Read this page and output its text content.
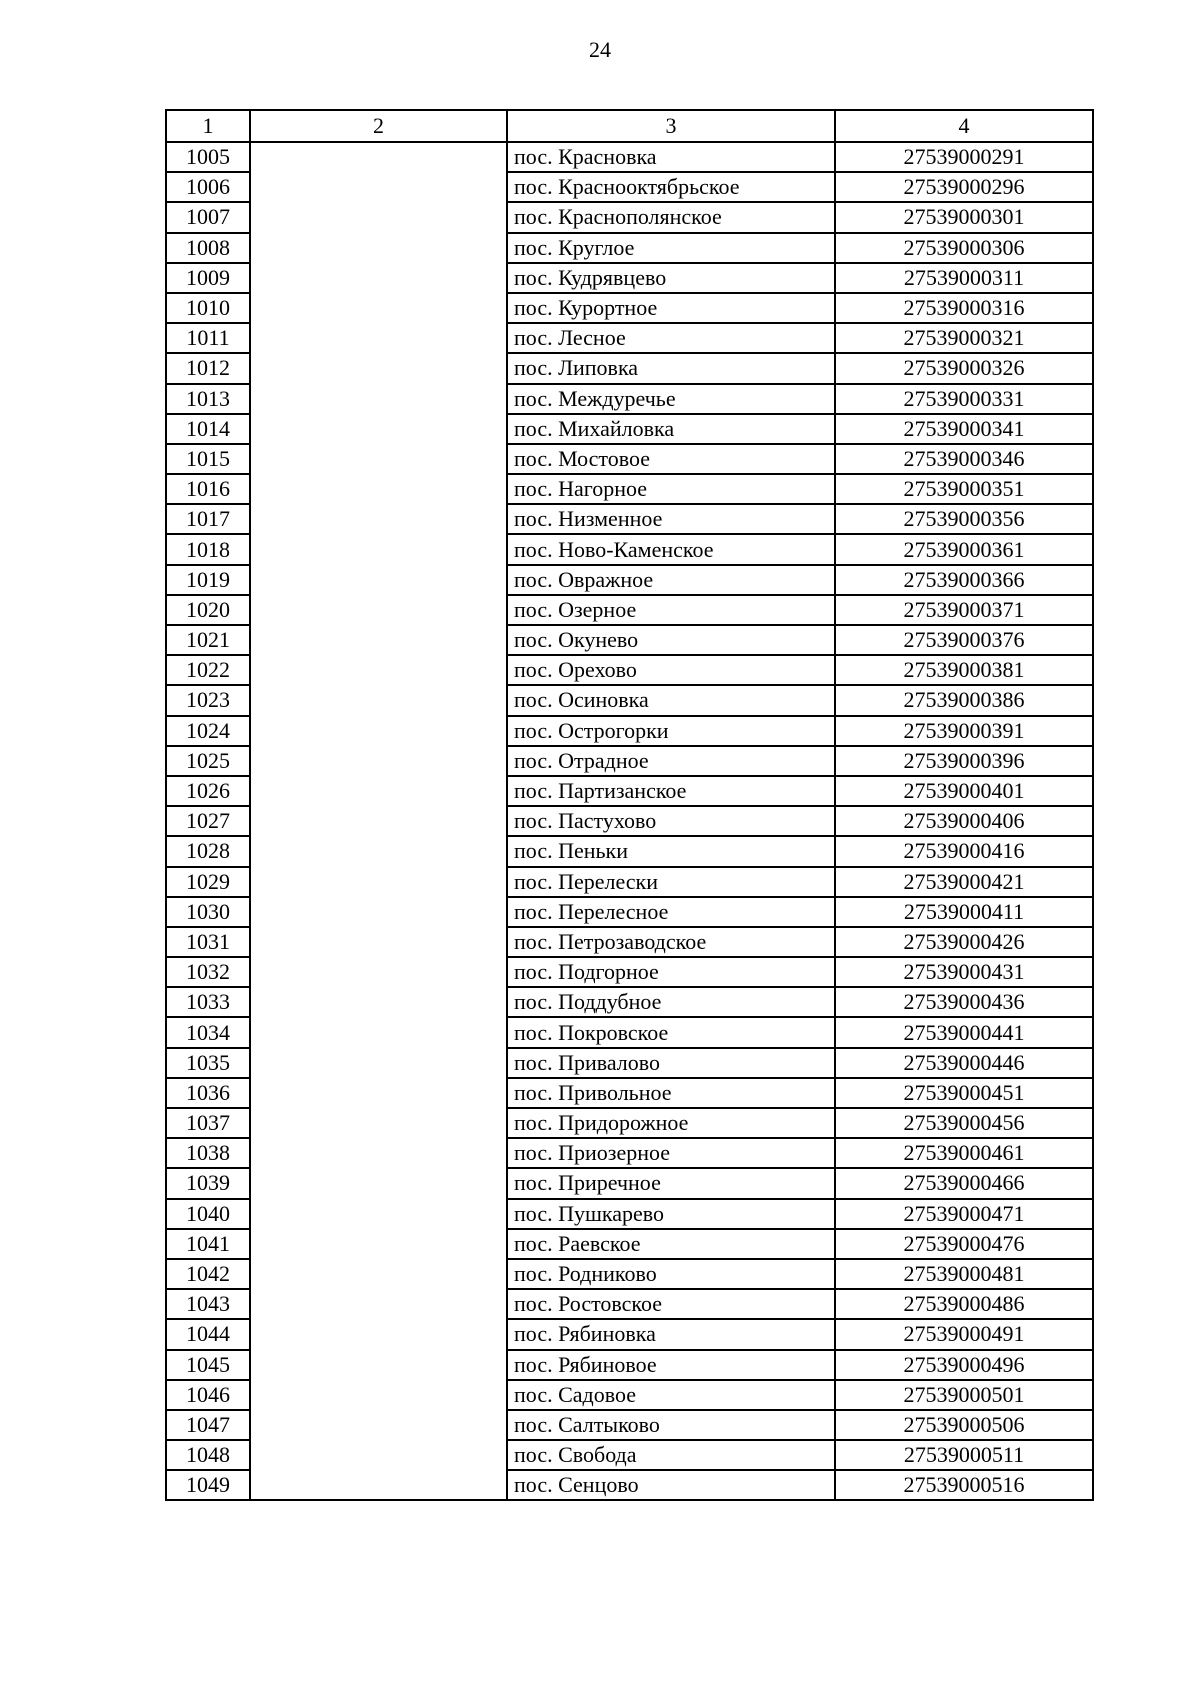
24
1	2	3	4
1005		пос. Красновка	27539000291
1006		пос. Краснооктябрьское	27539000296
1007		пос. Краснополянское	27539000301
1008		пос. Круглое	27539000306
1009		пос. Кудрявцево	27539000311
1010		пос. Курортное	27539000316
1011		пос. Лесное	27539000321
1012		пос. Липовка	27539000326
1013		пос. Междуречье	27539000331
1014		пос. Михайловка	27539000341
1015		пос. Мостовое	27539000346
1016		пос. Нагорное	27539000351
1017		пос. Низменное	27539000356
1018		пос. Ново-Каменское	27539000361
1019		пос. Овражное	27539000366
1020		пос. Озерное	27539000371
1021		пос. Окунево	27539000376
1022		пос. Орехово	27539000381
1023		пос. Осиновка	27539000386
1024		пос. Острогорки	27539000391
1025		пос. Отрадное	27539000396
1026		пос. Партизанское	27539000401
1027		пос. Пастухово	27539000406
1028		пос. Пеньки	27539000416
1029		пос. Перелески	27539000421
1030		пос. Перелесное	27539000411
1031		пос. Петрозаводское	27539000426
1032		пос. Подгорное	27539000431
1033		пос. Поддубное	27539000436
1034		пос. Покровское	27539000441
1035		пос. Привалово	27539000446
1036		пос. Привольное	27539000451
1037		пос. Придорожное	27539000456
1038		пос. Приозерное	27539000461
1039		пос. Приречное	27539000466
1040		пос. Пушкарево	27539000471
1041		пос. Раевское	27539000476
1042		пос. Родниково	27539000481
1043		пос. Ростовское	27539000486
1044		пос. Рябиновка	27539000491
1045		пос. Рябиновое	27539000496
1046		пос. Садовое	27539000501
1047		пос. Салтыково	27539000506
1048		пос. Свобода	27539000511
1049		пос. Сенцово	27539000516
